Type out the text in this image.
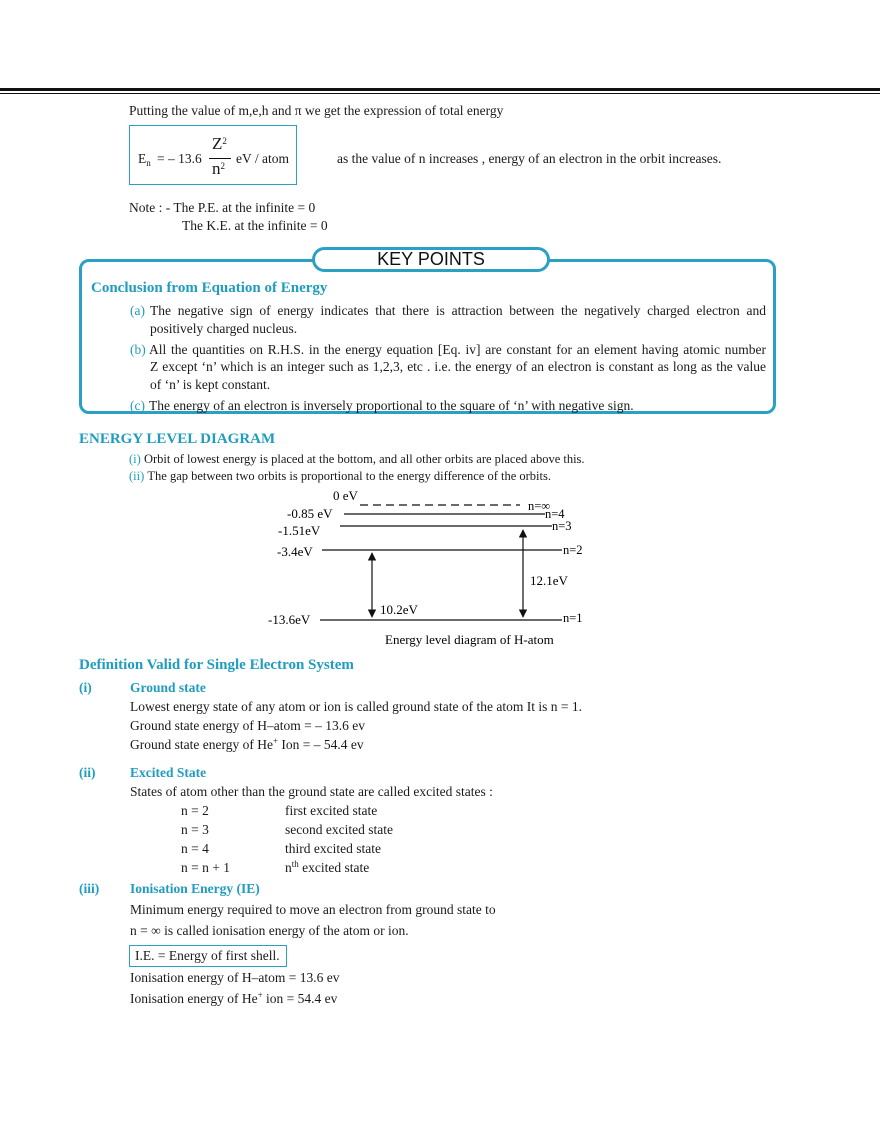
Putting the value of m,e,h and π we get the expression of total energy
$E_n$ = – 13.6
$Z^2$
$n^2$ eV / atom	as the value of n increases , energy of an electron in the orbit increases.
Note : - The P.E. at the infinite = 0
The K.E. at the infinite = 0
KEY POINTS
Conclusion from Equation of Energy
(a) The negative sign of energy indicates that there is attraction between the negatively charged electron and
positively charged nucleus.
(b) All the quantities on R.H.S. in the energy equation [Eq. iv] are constant for an element having atomic number
Z except ‘n’ which is an integer such as 1,2,3, etc . i.e. the energy of an electron is constant as long as the value
of ‘n’ is kept constant.
(c) The energy of an electron is inversely proportional to the square of ‘n’ with negative sign.
ENERGY LEVEL DIAGRAM
(i) Orbit of lowest energy is placed at the bottom, and all other orbits are placed above this.
(ii) The gap between two orbits is proportional to the energy difference of the orbits.
0 eV
-0.85 eV
-1.51eV
-3.4eV
-13.6eV
n=∞
n=4
n=3
n=2
n=1
10.2eV
12.1eV
Energy level diagram of H-atom
Definition Valid for Single Electron System
(i)	Ground state
Lowest energy state of any atom or ion is called ground state of the atom It is n = 1.
Ground state energy of H–atom = – 13.6 ev
Ground state energy of He+ Ion = – 54.4 ev
(ii)	Excited State
States of atom other than the ground state are called excited states :
n = 2	first excited state
n = 3	second excited state
n = 4	third excited state
n = n + 1	$n^{th}$ excited state
(iii) Ionisation Energy (IE)
Minimum energy required to move an electron from ground state to
n = ∞ is called ionisation energy of the atom or ion.
I.E. = Energy of first shell.
Ionisation energy of H–atom = 13.6 ev
Ionisation energy of He+ ion = 54.4 ev
